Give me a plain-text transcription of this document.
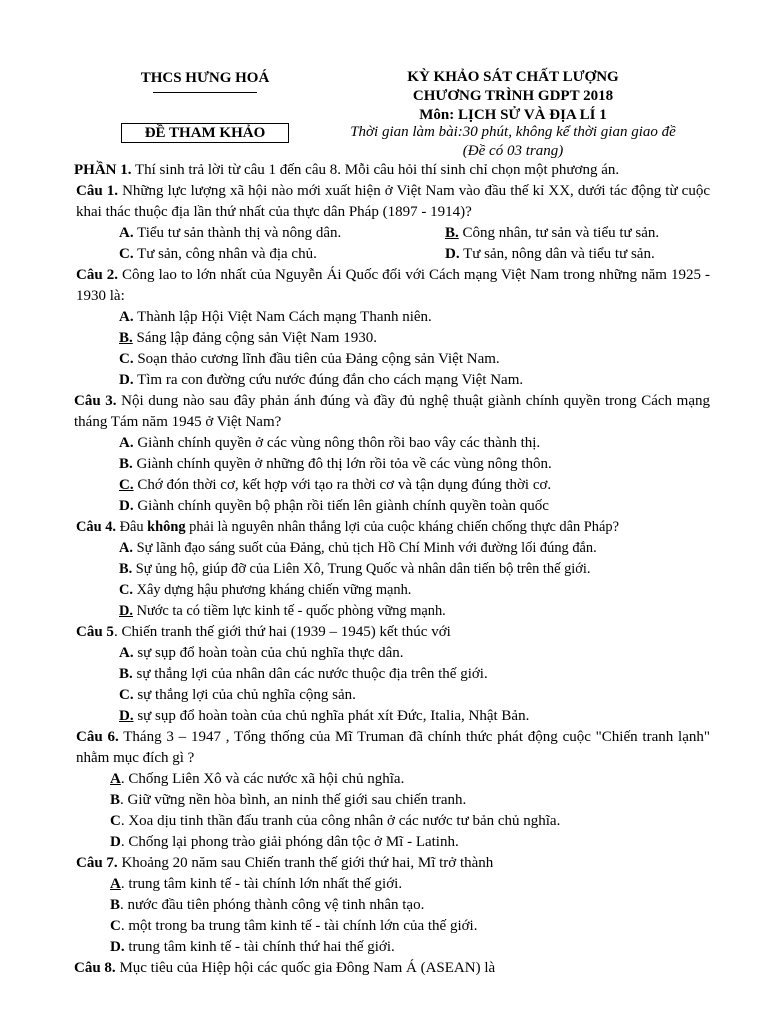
THCS HƯNG HOÁ	KỲ KHẢO SÁT CHẤT LƯỢNG
CHƯƠNG TRÌNH GDPT 2018
Môn: LỊCH SỬ VÀ ĐỊA LÍ 1
ĐỀ THAM KHẢO	Thời gian làm bài:30 phút, không kể thời gian giao đề
(Đề có 03 trang)
PHẦN 1. Thí sinh trả lời từ câu 1 đến câu 8. Mỗi câu hỏi thí sinh chỉ chọn một phương án.
Câu 1. Những lực lượng xã hội nào mới xuất hiện ở Việt Nam vào đầu thế kỉ XX, dưới tác động từ cuộc khai thác thuộc địa lần thứ nhất của thực dân Pháp (1897 - 1914)?
A. Tiểu tư sản thành thị và nông dân.	B. Công nhân, tư sản và tiểu tư sản.
C. Tư sản, công nhân và địa chủ.	D. Tư sản, nông dân và tiểu tư sản.
Câu 2. Công lao to lớn nhất của Nguyễn Ái Quốc đối với Cách mạng Việt Nam trong những năm 1925 - 1930 là:
A. Thành lập Hội Việt Nam Cách mạng Thanh niên.
B. Sáng lập đảng cộng sản Việt Nam 1930.
C. Soạn thảo cương lĩnh đầu tiên của Đảng cộng sản Việt Nam.
D. Tìm ra con đường cứu nước đúng đắn cho cách mạng Việt Nam.
Câu 3. Nội dung nào sau đây phản ánh đúng và đầy đủ nghệ thuật giành chính quyền trong Cách mạng tháng Tám năm 1945 ở Việt Nam?
A. Giành chính quyền ở các vùng nông thôn rồi bao vây các thành thị.
B. Giành chính quyền ở những đô thị lớn rồi tỏa về các vùng nông thôn.
C. Chớ đón thời cơ, kết hợp với tạo ra thời cơ và tận dụng đúng thời cơ.
D. Giành chính quyền bộ phận rồi tiến lên giành chính quyền toàn quốc
Câu 4. Đâu không phải là nguyên nhân thắng lợi của cuộc kháng chiến chống thực dân Pháp?
A. Sự lãnh đạo sáng suốt của Đảng, chủ tịch Hồ Chí Minh với đường lối đúng đắn.
B. Sự ủng hộ, giúp đỡ của Liên Xô, Trung Quốc và nhân dân tiến bộ trên thế giới.
C. Xây dựng hậu phương kháng chiến vững mạnh.
D. Nước ta có tiềm lực kinh tế - quốc phòng vững mạnh.
Câu 5. Chiến tranh thế giới thứ hai (1939 – 1945) kết thúc với
A. sự sụp đổ hoàn toàn của chủ nghĩa thực dân.
B. sự thắng lợi của nhân dân các nước thuộc địa trên thế giới.
C. sự thắng lợi của chủ nghĩa cộng sản.
D. sự sụp đổ hoàn toàn của chủ nghĩa phát xít Đức, Italia, Nhật Bản.
Câu 6. Tháng 3 – 1947 , Tổng thống của Mĩ Truman đã chính thức phát động cuộc "Chiến tranh lạnh" nhằm mục đích gì ?
A. Chống Liên Xô và các nước xã hội chủ nghĩa.
B. Giữ vững nền hòa bình, an ninh thế giới sau chiến tranh.
C. Xoa dịu tinh thần đấu tranh của công nhân ở các nước tư bản chủ nghĩa.
D. Chống lại phong trào giải phóng dân tộc ở Mĩ - Latinh.
Câu 7. Khoảng 20 năm sau Chiến tranh thế giới thứ hai, Mĩ trở thành
A. trung tâm kinh tế - tài chính lớn nhất thế giới.
B. nước đầu tiên phóng thành công vệ tinh nhân tạo.
C. một trong ba trung tâm kinh tế - tài chính lớn của thế giới.
D. trung tâm kinh tế - tài chính thứ hai thế giới.
Câu 8. Mục tiêu của Hiệp hội các quốc gia Đông Nam Á (ASEAN) là
